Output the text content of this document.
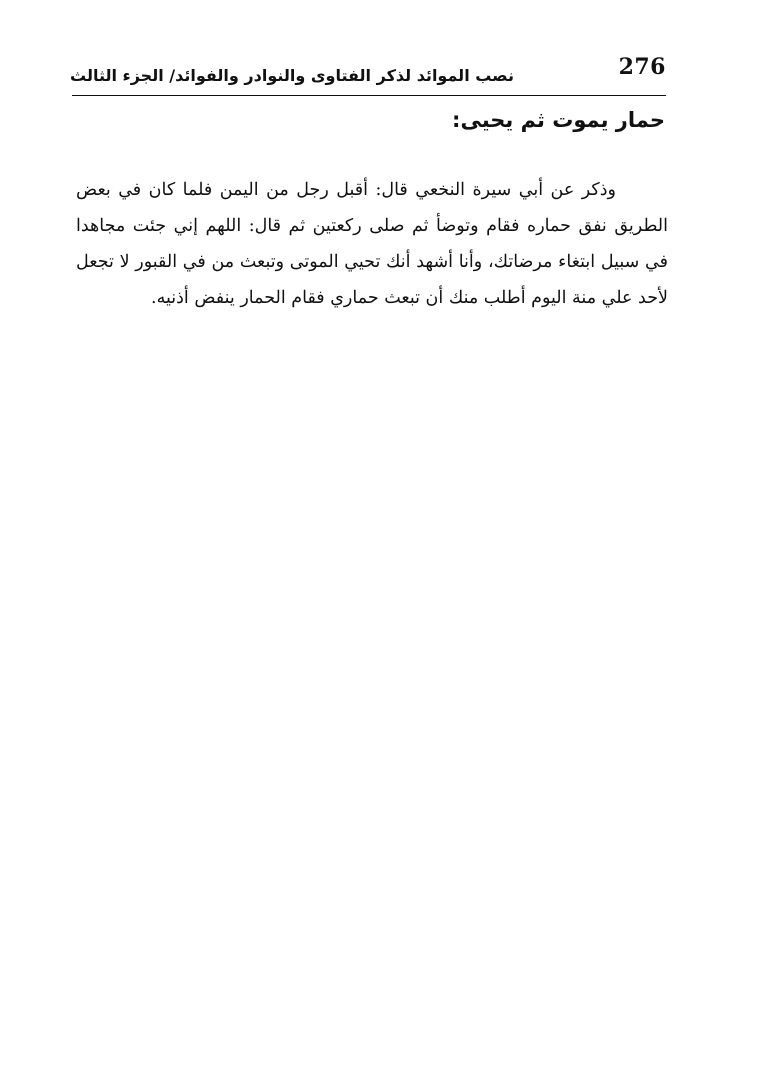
276
نصب الموائد لذكر الفتاوى والنوادر والفوائد/ الجزء الثالث
حمار يموت ثم يحيى:

وذكر عن أبي سيرة النخعي قال: أقبل رجل من اليمن فلما كان في بعض الطريق نفق حماره فقام وتوضأ ثم صلى ركعتين ثم قال: اللهم إني جئت مجاهدا في سبيل ابتغاء مرضاتك، وأنا أشهد أنك تحيي الموتى وتبعث من في القبور لا تجعل لأحد علي منة اليوم أطلب منك أن تبعث حماري فقام الحمار ينفض أذنيه.
